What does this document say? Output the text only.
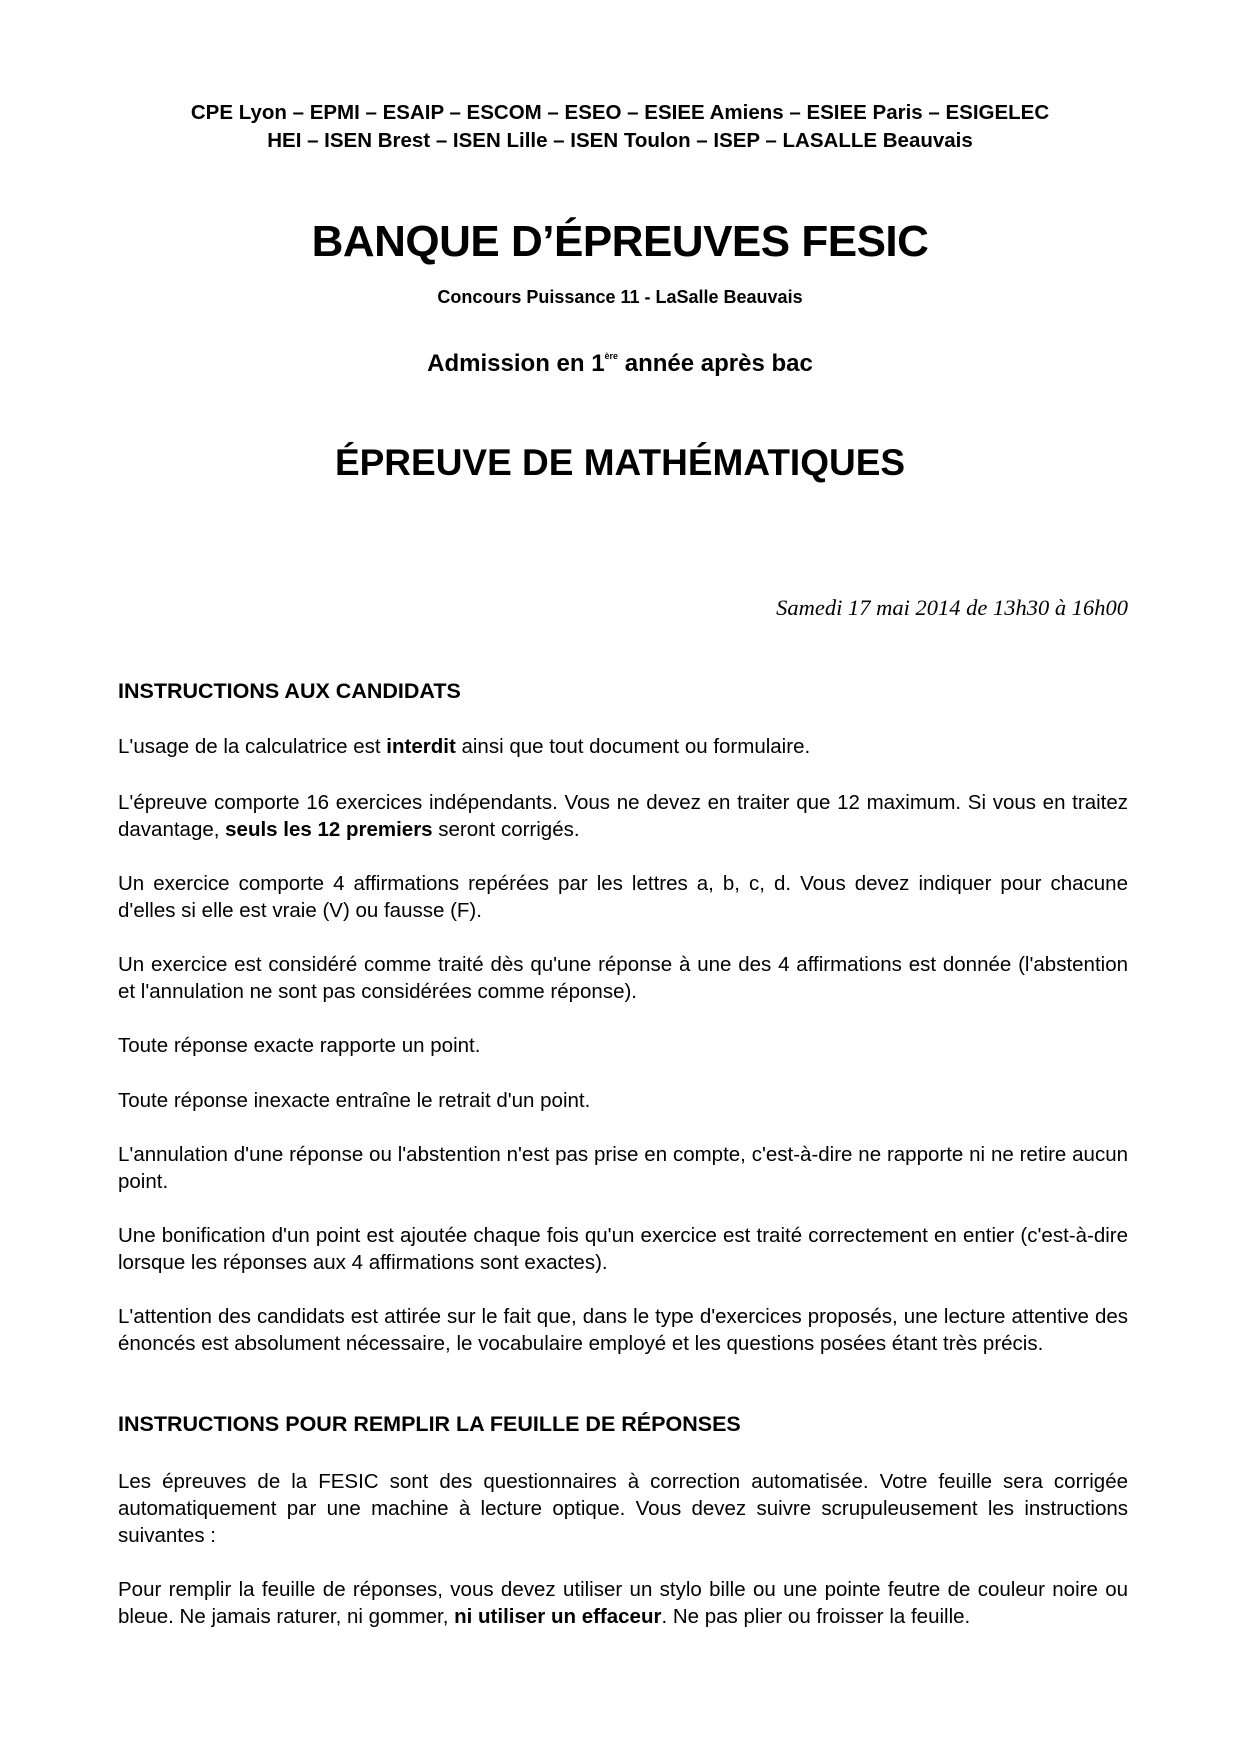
CPE Lyon – EPMI – ESAIP – ESCOM – ESEO – ESIEE Amiens – ESIEE Paris – ESIGELEC
HEI – ISEN Brest – ISEN Lille – ISEN Toulon – ISEP – LASALLE Beauvais
BANQUE D’ÉPREUVES FESIC
Concours Puissance 11 - LaSalle Beauvais
Admission en 1ère année après bac
ÉPREUVE DE MATHÉMATIQUES
Samedi 17 mai 2014 de 13h30 à 16h00

INSTRUCTIONS AUX CANDIDATS

L'usage de la calculatrice est interdit ainsi que tout document ou formulaire.

L'épreuve comporte 16 exercices indépendants. Vous ne devez en traiter que 12 maximum. Si vous en traitez davantage, seuls les 12 premiers seront corrigés.

Un exercice comporte 4 affirmations repérées par les lettres a, b, c, d. Vous devez indiquer pour chacune d'elles si elle est vraie (V) ou fausse (F).

Un exercice est considéré comme traité dès qu'une réponse à une des 4 affirmations est donnée (l'abstention et l'annulation ne sont pas considérées comme réponse).

Toute réponse exacte rapporte un point.

Toute réponse inexacte entraîne le retrait d'un point.

L'annulation d'une réponse ou l'abstention n'est pas prise en compte, c'est-à-dire ne rapporte ni ne retire aucun point.

Une bonification d'un point est ajoutée chaque fois qu'un exercice est traité correctement en entier (c'est-à-dire lorsque les réponses aux 4 affirmations sont exactes).

L'attention des candidats est attirée sur le fait que, dans le type d'exercices proposés, une lecture attentive des énoncés est absolument nécessaire, le vocabulaire employé et les questions posées étant très précis.

INSTRUCTIONS POUR REMPLIR LA FEUILLE DE RÉPONSES

Les épreuves de la FESIC sont des questionnaires à correction automatisée. Votre feuille sera corrigée automatiquement par une machine à lecture optique. Vous devez suivre scrupuleusement les instructions suivantes :

Pour remplir la feuille de réponses, vous devez utiliser un stylo bille ou une pointe feutre de couleur noire ou bleue. Ne jamais raturer, ni gommer, ni utiliser un effaceur. Ne pas plier ou froisser la feuille.
